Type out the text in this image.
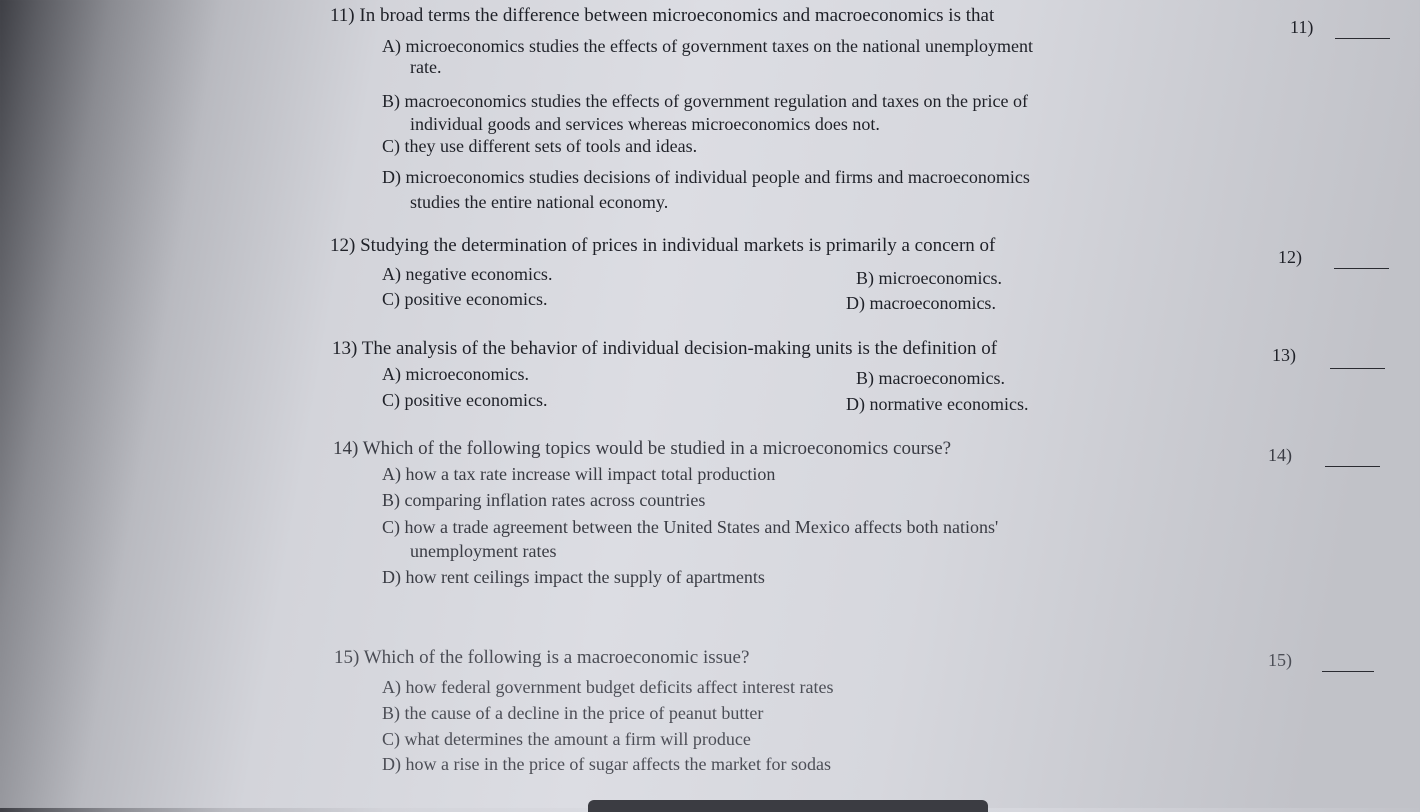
11) In broad terms the difference between microeconomics and macroeconomics is that
11)
A) microeconomics studies the effects of government taxes on the national unemployment
rate.
B) macroeconomics studies the effects of government regulation and taxes on the price of
individual goods and services whereas microeconomics does not.
C) they use different sets of tools and ideas.
D) microeconomics studies decisions of individual people and firms and macroeconomics
studies the entire national economy.
12) Studying the determination of prices in individual markets is primarily a concern of
12)
A) negative economics.	B) microeconomics.
C) positive economics.	D) macroeconomics.
13) The analysis of the behavior of individual decision-making units is the definition of	13)
A) microeconomics.	B) macroeconomics.
C) positive economics.	D) normative economics.
14) Which of the following topics would be studied in a microeconomics course?	14)
A) how a tax rate increase will impact total production
B) comparing inflation rates across countries
C) how a trade agreement between the United States and Mexico affects both nations'
unemployment rates
D) how rent ceilings impact the supply of apartments
15) Which of the following is a macroeconomic issue?	15)
A) how federal government budget deficits affect interest rates
B) the cause of a decline in the price of peanut butter
C) what determines the amount a firm will produce
D) how a rise in the price of sugar affects the market for sodas
